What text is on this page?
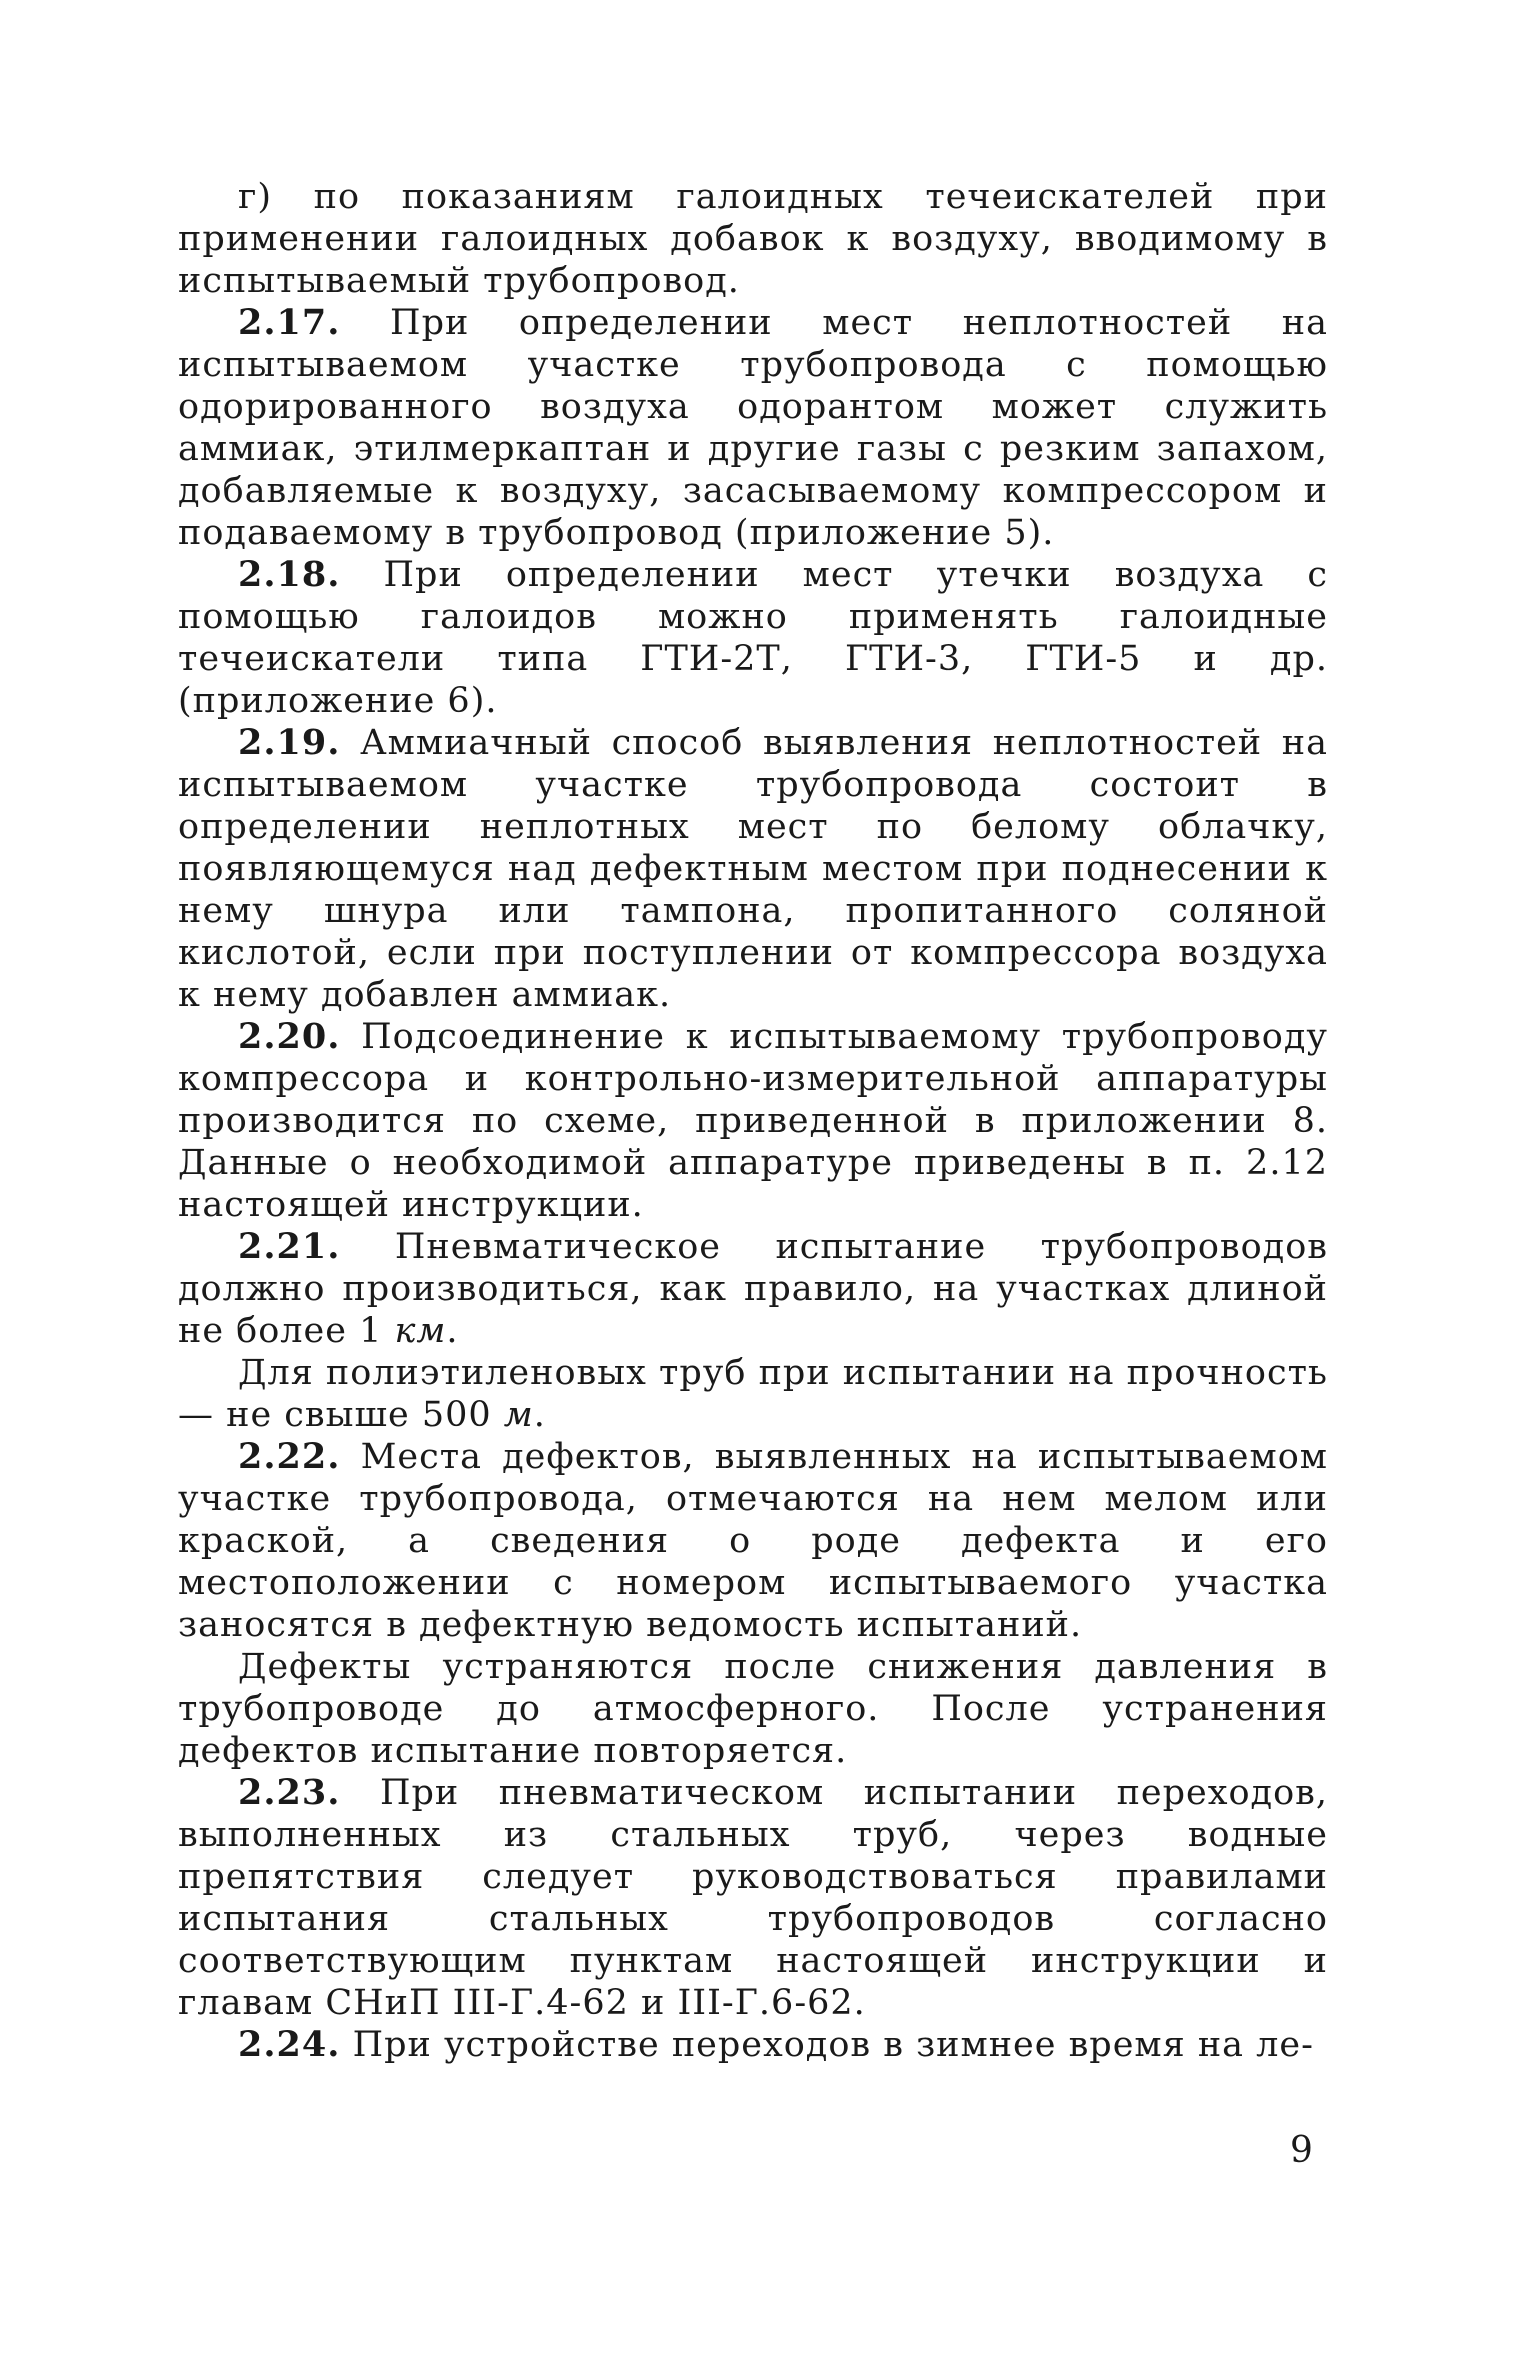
г) по показаниям галоидных течеискателей при применении галоидных добавок к воздуху, вводимому в испытываемый трубопровод.

2.17. При определении мест неплотностей на испытываемом участке трубопровода с помощью одорированного воздуха одорантом может служить аммиак, этилмеркаптан и другие газы с резким запахом, добавляемые к воздуху, засасываемому компрессором и подаваемому в трубопровод (приложение 5).

2.18. При определении мест утечки воздуха с помощью галоидов можно применять галоидные течеискатели типа ГТИ-2Т, ГТИ-3, ГТИ-5 и др. (приложение 6).

2.19. Аммиачный способ выявления неплотностей на испытываемом участке трубопровода состоит в определении неплотных мест по белому облачку, появляющемуся над дефектным местом при поднесении к нему шнура или тампона, пропитанного соляной кислотой, если при поступлении от компрессора воздуха к нему добавлен аммиак.

2.20. Подсоединение к испытываемому трубопроводу компрессора и контрольно-измерительной аппаратуры производится по схеме, приведенной в приложении 8. Данные о необходимой аппаратуре приведены в п. 2.12 настоящей инструкции.

2.21. Пневматическое испытание трубопроводов должно производиться, как правило, на участках длиной не более 1 км.

Для полиэтиленовых труб при испытании на прочность — не свыше 500 м.

2.22. Места дефектов, выявленных на испытываемом участке трубопровода, отмечаются на нем мелом или краской, а сведения о роде дефекта и его местоположении с номером испытываемого участка заносятся в дефектную ведомость испытаний.

Дефекты устраняются после снижения давления в трубопроводе до атмосферного. После устранения дефектов испытание повторяется.

2.23. При пневматическом испытании переходов, выполненных из стальных труб, через водные препятствия следует руководствоваться правилами испытания стальных трубопроводов согласно соответствующим пунктам настоящей инструкции и главам СНиП III-Г.4-62 и III-Г.6-62.

2.24. При устройстве переходов в зимнее время на ле-

9
